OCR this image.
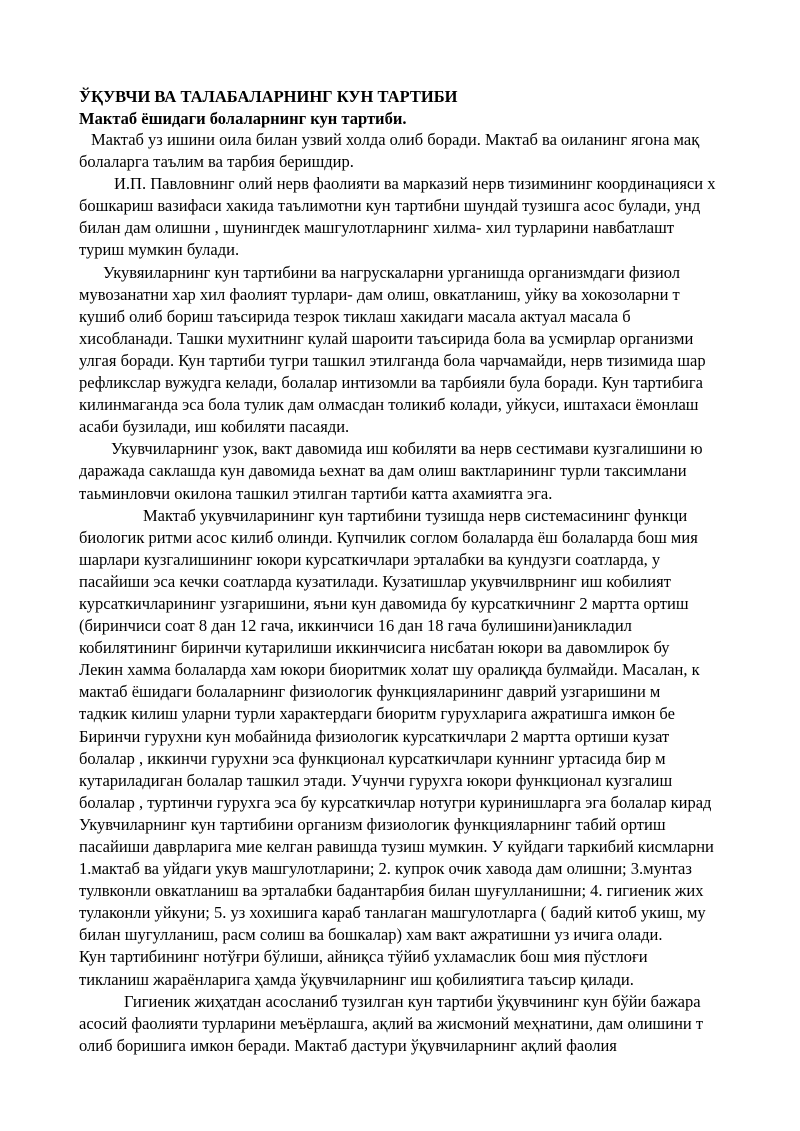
ЎҚУВЧИ ВА ТАЛАБАЛАРНИНГ КУН ТАРТИБИ
Мактаб ёшидаги болаларнинг кун тартиби.
Мактаб уз ишини оила билан узвий холда олиб боради. Мактаб ва оиланинг ягона мақ
болаларга таълим ва тарбия беришдир.
И.П. Павловнинг олий нерв фаолияти ва марказий нерв тизимининг координацияси х
бошкариш вазифаси хакида таълимотни кун тартибни шундай тузишга асос булади, унд
билан дам олишни , шунингдек машгулотларнинг хилма- хил турларини навбатлашт
туриш мумкин булади.
Укувяиларнинг кун тартибини ва нагрускаларни урганишда организмдаги физиол
мувозанатни хар хил фаолият турлари- дам олиш, овкатланиш, уйку ва хокозоларни т
кушиб олиб бориш таъсирида тезрок тиклаш хакидаги масала актуал масала б
хисобланади. Ташки мухитнинг кулай шароити таъсирида бола ва усмирлар организми
улгая боради. Кун тартиби тугри ташкил этилганда бола чарчамайди, нерв тизимида шар
рефликслар вужудга келади, болалар интизомли ва тарбияли була боради. Кун тартибига
килинмаганда эса бола тулик дам олмасдан толикиб колади, уйкуси, иштахаси ёмонлаш
асаби бузилади, иш кобиляти пасаяди.
Укувчиларнинг узок, вакт давомида иш кобиляти ва нерв сестимави кузгалишини ю
даражада саклашда кун давомида ьехнат ва дам олиш вактларининг турли таксимлани
таьминловчи окилона ташкил этилган тартиби катта ахамиятга эга.
Мактаб укувчиларининг кун тартибини тузишда нерв системасининг функци
биологик ритми асос килиб олинди. Купчилик соглом болаларда ёш болаларда бош мия
шарлари кузгалишининг юкори курсаткичлари эрталабки ва кундузги соатларда, у
пасайиши эса кечки соатларда кузатилади. Кузатишлар укувчилврнинг иш кобилият
курсаткичларининг узгаришини, яъни кун давомида бу курсаткичнинг 2 мартта ортиш
(биринчиси соат 8 дан 12 гача, иккинчиси 16 дан 18 гача булишини)аникладил
кобилятининг биринчи кутарилиши иккинчисига нисбатан юкори ва давомлирок бу
Лекин хамма болаларда хам юкори биоритмик холат шу оралиқда булмайди. Масалан, к
мактаб ёшидаги болаларнинг физиологик функцияларининг даврий узгаришини м
тадкик килиш уларни турли характердаги биоритм гурухларига ажратишга имкон бе
Биринчи гурухни кун мобайнида физиологик курсаткичлари 2 мартта ортиши кузат
болалар , иккинчи гурухни эса функционал курсаткичлари куннинг уртасида бир м
кутариладиган болалар ташкил этади. Учунчи гурухга юкори функционал кузгалиш
болалар , туртинчи гурухга эса бу курсаткичлар нотугри куринишларга эга болалар кирад
Укувчиларнинг кун тартибини организм физиологик функцияларнинг табий ортиш
пасайиши даврларига мие келган равишда тузиш мумкин. У куйдаги таркибий кисмларни
1.мактаб ва уйдаги укув машгулотларини; 2. купрок очик хавода дам олишни; 3.мунтаз
тулвконли овкатланиш ва эрталабки бадантарбия билан шуғулланишни; 4. гигиеник жих
тулаконли уйкуни; 5. уз хохишига караб танлаган машгулотларга ( бадий китоб укиш, му
билан шугулланиш, расм солиш ва бошкалар) хам вакт ажратишни уз ичига олади.
Кун тартибининг нотўғри бўлиши, айниқса тўйиб ухламаслик бош мия пўстлоғи
тикланиш жараёнларига ҳамда ўқувчиларнинг иш қобилиятига таъсир қилади.
Гигиеник жиҳатдан асосланиб тузилган кун тартиби ўқувчининг кун бўйи бажара
асосий фаолияти турларини меъёрлашга, ақлий ва жисмоний меҳнатини, дам олишини т
олиб боришига имкон беради. Мактаб дастури ўқувчиларнинг ақлий фаолия
